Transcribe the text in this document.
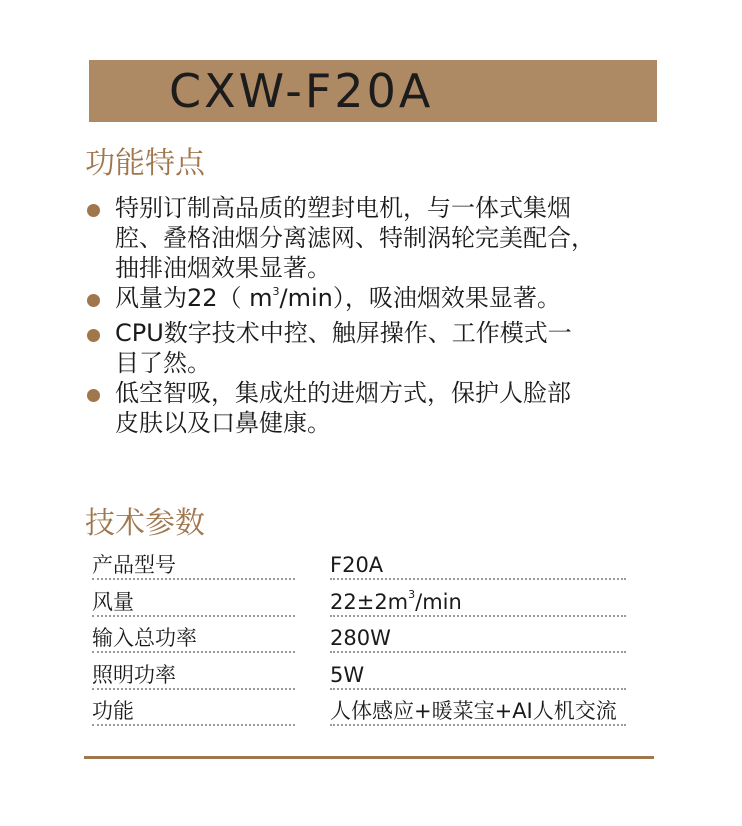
CXW-F20A
功能特点
特别订制高品质的塑封电机，与一体式集烟
腔、叠格油烟分离滤网、特制涡轮完美配合，
抽排油烟效果显著。
风量为22（ $m^3/\min$），吸油烟效果显著。
CPU数字技术中控、触屏操作、工作模式一
目了然。
低空智吸，集成灶的进烟方式，保护人脸部
皮肤以及口鼻健康。
技术参数
产品型号	F20A
风量	$22\pm 2m^3/\min$
输入总功率	280W
照明功率	5W
功能	人体感应+暖菜宝+AI人机交流
